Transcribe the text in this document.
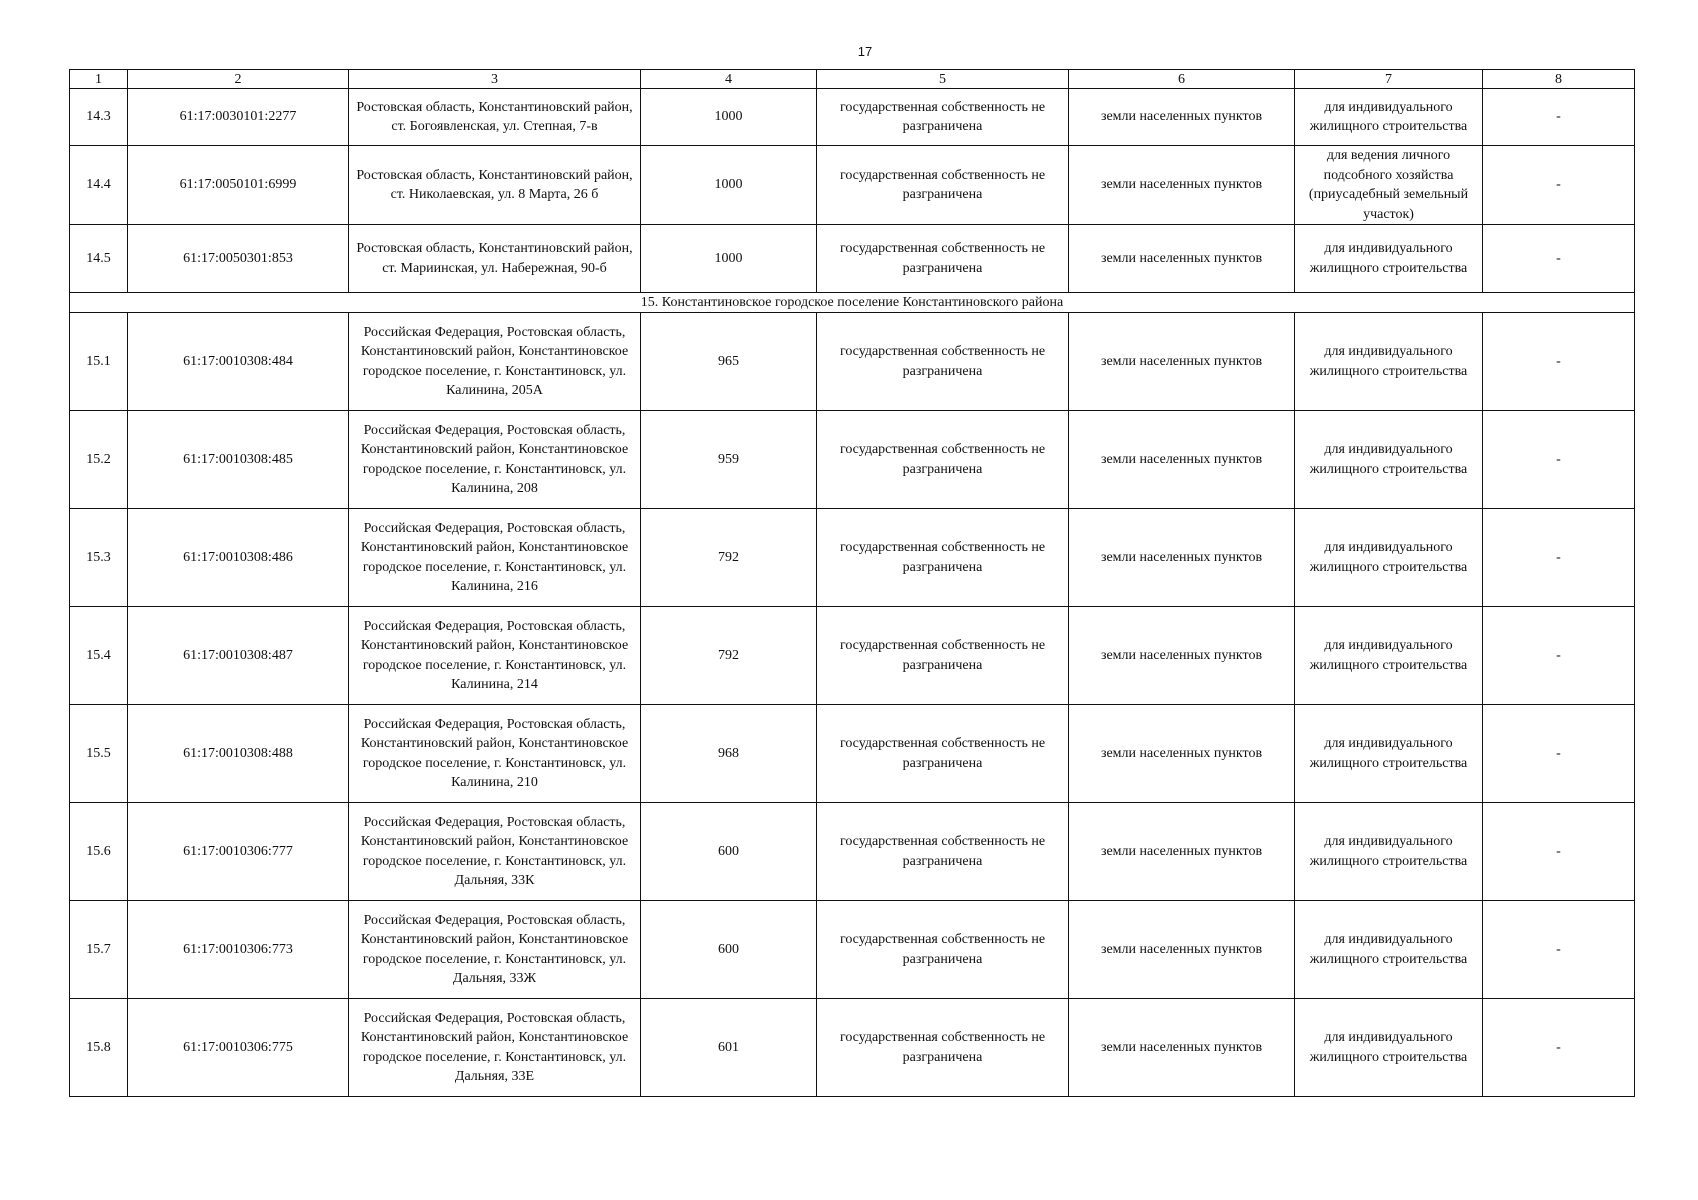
17
1	2	3	4	5	6	7	8
14.3	61:17:0030101:2277	Ростовская область, Константиновский район, ст. Богоявленская, ул. Степная, 7-в	1000	государственная собственность не разграничена	земли населенных пунктов	для индивидуального жилищного строительства	-
14.4	61:17:0050101:6999	Ростовская область, Константиновский район, ст. Николаевская, ул. 8 Марта, 26 б	1000	государственная собственность не разграничена	земли населенных пунктов	для ведения личного подсобного хозяйства (приусадебный земельный участок)	-
14.5	61:17:0050301:853	Ростовская область, Константиновский район, ст. Мариинская, ул. Набережная, 90-б	1000	государственная собственность не разграничена	земли населенных пунктов	для индивидуального жилищного строительства	-
15. Константиновское городское поселение Константиновского района							
15.1	61:17:0010308:484	Российская Федерация, Ростовская область, Константиновский район, Константиновское городское поселение, г. Константиновск, ул. Калинина, 205А	965	государственная собственность не разграничена	земли населенных пунктов	для индивидуального жилищного строительства	-
15.2	61:17:0010308:485	Российская Федерация, Ростовская область, Константиновский район, Константиновское городское поселение, г. Константиновск, ул. Калинина, 208	959	государственная собственность не разграничена	земли населенных пунктов	для индивидуального жилищного строительства	-
15.3	61:17:0010308:486	Российская Федерация, Ростовская область, Константиновский район, Константиновское городское поселение, г. Константиновск, ул. Калинина, 216	792	государственная собственность не разграничена	земли населенных пунктов	для индивидуального жилищного строительства	-
15.4	61:17:0010308:487	Российская Федерация, Ростовская область, Константиновский район, Константиновское городское поселение, г. Константиновск, ул. Калинина, 214	792	государственная собственность не разграничена	земли населенных пунктов	для индивидуального жилищного строительства	-
15.5	61:17:0010308:488	Российская Федерация, Ростовская область, Константиновский район, Константиновское городское поселение, г. Константиновск, ул. Калинина, 210	968	государственная собственность не разграничена	земли населенных пунктов	для индивидуального жилищного строительства	-
15.6	61:17:0010306:777	Российская Федерация, Ростовская область, Константиновский район, Константиновское городское поселение, г. Константиновск, ул. Дальняя, 33К	600	государственная собственность не разграничена	земли населенных пунктов	для индивидуального жилищного строительства	-
15.7	61:17:0010306:773	Российская Федерация, Ростовская область, Константиновский район, Константиновское городское поселение, г. Константиновск, ул. Дальняя, 33Ж	600	государственная собственность не разграничена	земли населенных пунктов	для индивидуального жилищного строительства	-
15.8	61:17:0010306:775	Российская Федерация, Ростовская область, Константиновский район, Константиновское городское поселение, г. Константиновск, ул. Дальняя, 33Е	601	государственная собственность не разграничена	земли населенных пунктов	для индивидуального жилищного строительства	-
